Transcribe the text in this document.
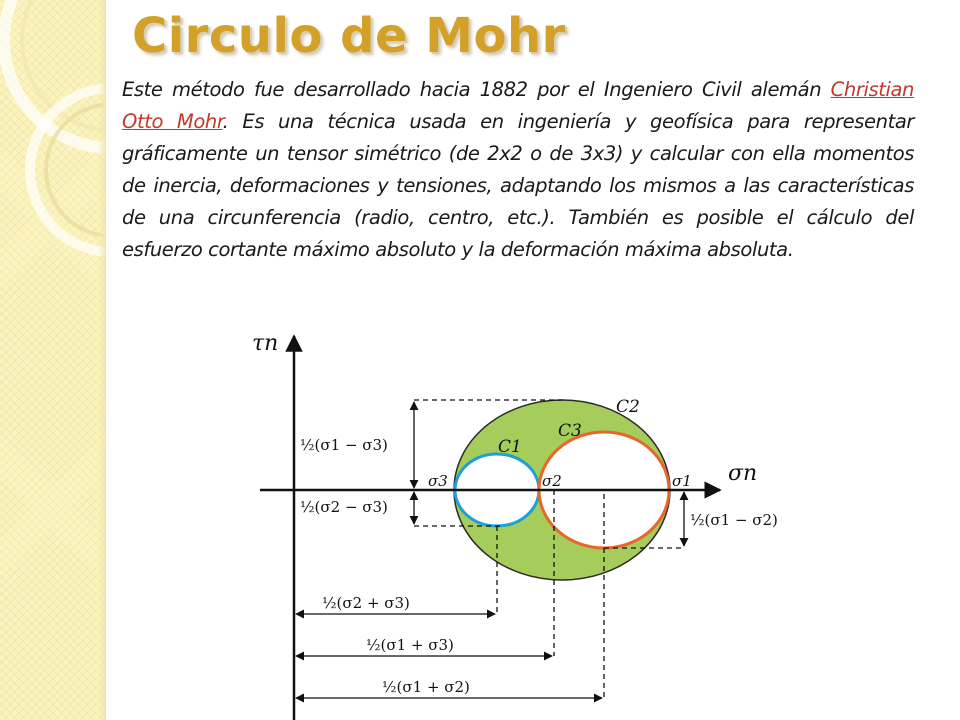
Circulo de Mohr

Este método fue desarrollado hacia 1882 por el Ingeniero Civil alemán Christian Otto Mohr. Es una técnica usada en ingeniería y geofísica para representar gráficamente un tensor simétrico (de 2x2 o de 3x3) y calcular con ella momentos de inercia, deformaciones y tensiones, adaptando los mismos a las características de una circunferencia (radio, centro, etc.). También es posible el cálculo del esfuerzo cortante máximo absoluto y la deformación máxima absoluta.

τn
σn
C2
C3
C1
σ3	σ2	σ1
½(σ1 − σ3)
½(σ2 − σ3)
½(σ1 − σ2)
½(σ2 + σ3)
½(σ1 + σ3)
½(σ1 + σ2)
